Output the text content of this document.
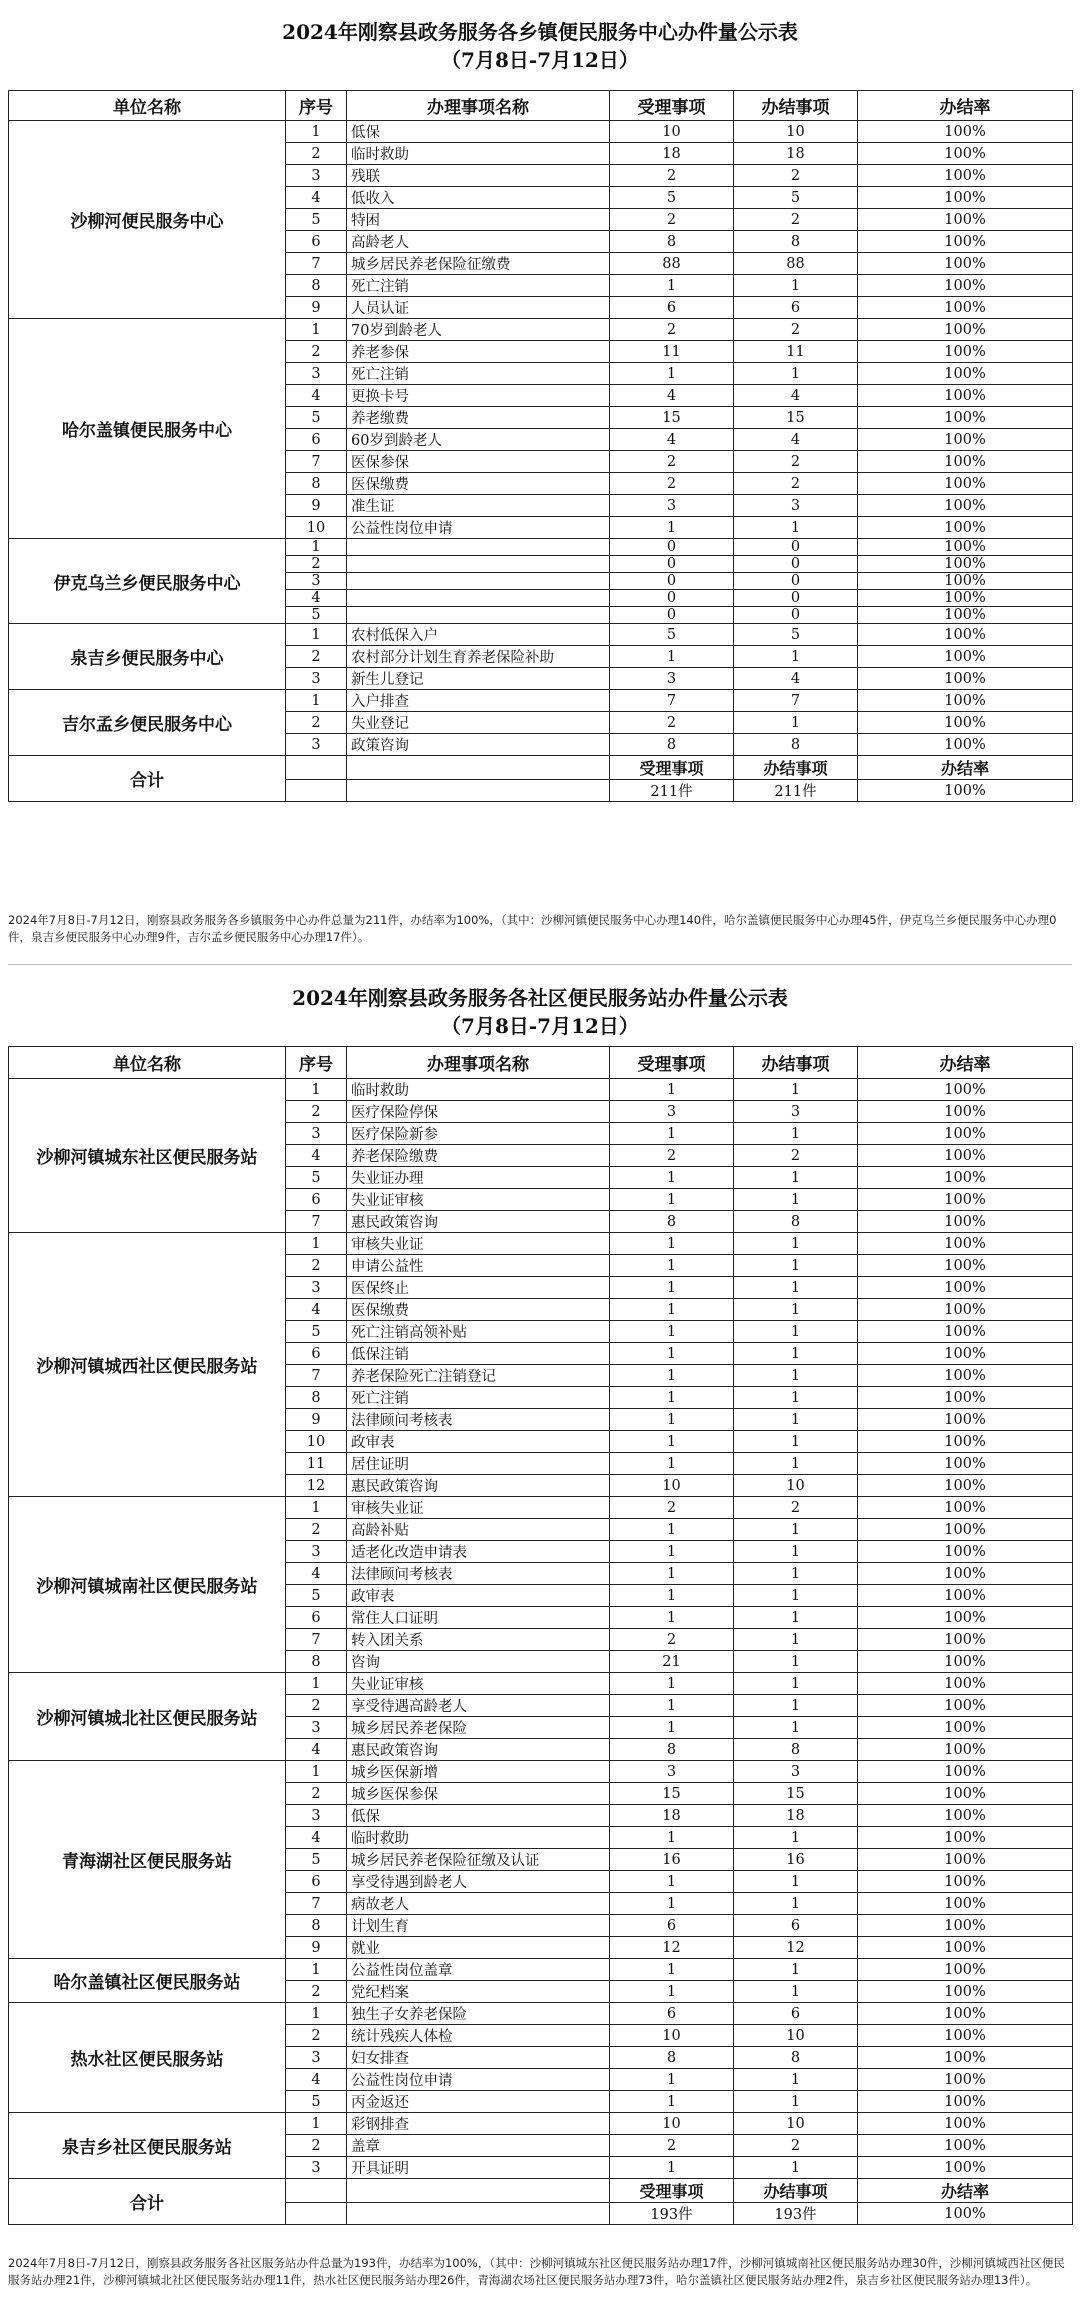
2024年刚察县政务服务各乡镇便民服务中心办件量公示表
（7月8日-7月12日）
单位名称	序号	办理事项名称	受理事项	办结事项	办结率
沙柳河便民服务中心	1	低保	10	10	100%
	2	临时救助	18	18	100%
	3	残联	2	2	100%
	4	低收入	5	5	100%
	5	特困	2	2	100%
	6	高龄老人	8	8	100%
	7	城乡居民养老保险征缴费	88	88	100%
	8	死亡注销	1	1	100%
	9	人员认证	6	6	100%
哈尔盖镇便民服务中心	1	70岁到龄老人	2	2	100%
	2	养老参保	11	11	100%
	3	死亡注销	1	1	100%
	4	更换卡号	4	4	100%
	5	养老缴费	15	15	100%
	6	60岁到龄老人	4	4	100%
	7	医保参保	2	2	100%
	8	医保缴费	2	2	100%
	9	准生证	3	3	100%
	10	公益性岗位申请	1	1	100%
伊克乌兰乡便民服务中心	1		0	0	100%
	2		0	0	100%
	3		0	0	100%
	4		0	0	100%
	5		0	0	100%
泉吉乡便民服务中心	1	农村低保入户	5	5	100%
	2	农村部分计划生育养老保险补助	1	1	100%
	3	新生儿登记	3	4	100%
吉尔孟乡便民服务中心	1	入户排查	7	7	100%
	2	失业登记	2	1	100%
	3	政策咨询	8	8	100%
合计			受理事项	办结事项	办结率
			211件	211件	100%
2024年7月8日-7月12日，刚察县政务服务各乡镇服务中心办件总量为211件，办结率为100%，（其中：沙柳河镇便民服务中心办理140件，哈尔盖镇便民服务中心办理45件，伊克乌兰乡便民服务中心办理0件，泉吉乡便民服务中心办理9件，吉尔孟乡便民服务中心办理17件）。
2024年刚察县政务服务各社区便民服务站办件量公示表
（7月8日-7月12日）
单位名称	序号	办理事项名称	受理事项	办结事项	办结率
沙柳河镇城东社区便民服务站	1	临时救助	1	1	100%
	2	医疗保险停保	3	3	100%
	3	医疗保险新参	1	1	100%
	4	养老保险缴费	2	2	100%
	5	失业证办理	1	1	100%
	6	失业证审核	1	1	100%
	7	惠民政策咨询	8	8	100%
沙柳河镇城西社区便民服务站	1	审核失业证	1	1	100%
	2	申请公益性	1	1	100%
	3	医保终止	1	1	100%
	4	医保缴费	1	1	100%
	5	死亡注销高领补贴	1	1	100%
	6	低保注销	1	1	100%
	7	养老保险死亡注销登记	1	1	100%
	8	死亡注销	1	1	100%
	9	法律顾问考核表	1	1	100%
	10	政审表	1	1	100%
	11	居住证明	1	1	100%
	12	惠民政策咨询	10	10	100%
沙柳河镇城南社区便民服务站	1	审核失业证	2	2	100%
	2	高龄补贴	1	1	100%
	3	适老化改造申请表	1	1	100%
	4	法律顾问考核表	1	1	100%
	5	政审表	1	1	100%
	6	常住人口证明	1	1	100%
	7	转入团关系	2	1	100%
	8	咨询	21	1	100%
沙柳河镇城北社区便民服务站	1	失业证审核	1	1	100%
	2	享受待遇高龄老人	1	1	100%
	3	城乡居民养老保险	1	1	100%
	4	惠民政策咨询	8	8	100%
青海湖社区便民服务站	1	城乡医保新增	3	3	100%
	2	城乡医保参保	15	15	100%
	3	低保	18	18	100%
	4	临时救助	1	1	100%
	5	城乡居民养老保险征缴及认证	16	16	100%
	6	享受待遇到龄老人	1	1	100%
	7	病故老人	1	1	100%
	8	计划生育	6	6	100%
	9	就业	12	12	100%
哈尔盖镇社区便民服务站	1	公益性岗位盖章	1	1	100%
	2	党纪档案	1	1	100%
热水社区便民服务站	1	独生子女养老保险	6	6	100%
	2	统计残疾人体检	10	10	100%
	3	妇女排查	8	8	100%
	4	公益性岗位申请	1	1	100%
	5	丙金返还	1	1	100%
泉吉乡社区便民服务站	1	彩钢排查	10	10	100%
	2	盖章	2	2	100%
	3	开具证明	1	1	100%
合计			受理事项	办结事项	办结率
			193件	193件	100%
2024年7月8日-7月12日，刚察县政务服务各社区服务站办件总量为193件，办结率为100%，（其中：沙柳河镇城东社区便民服务站办理17件，沙柳河镇城南社区便民服务站办理30件，沙柳河镇城西社区便民服务站办理21件，沙柳河镇城北社区便民服务站办理11件，热水社区便民服务站办理26件，青海湖农场社区便民服务站办理73件，哈尔盖镇社区便民服务站办理2件，泉吉乡社区便民服务站办理13件）。
